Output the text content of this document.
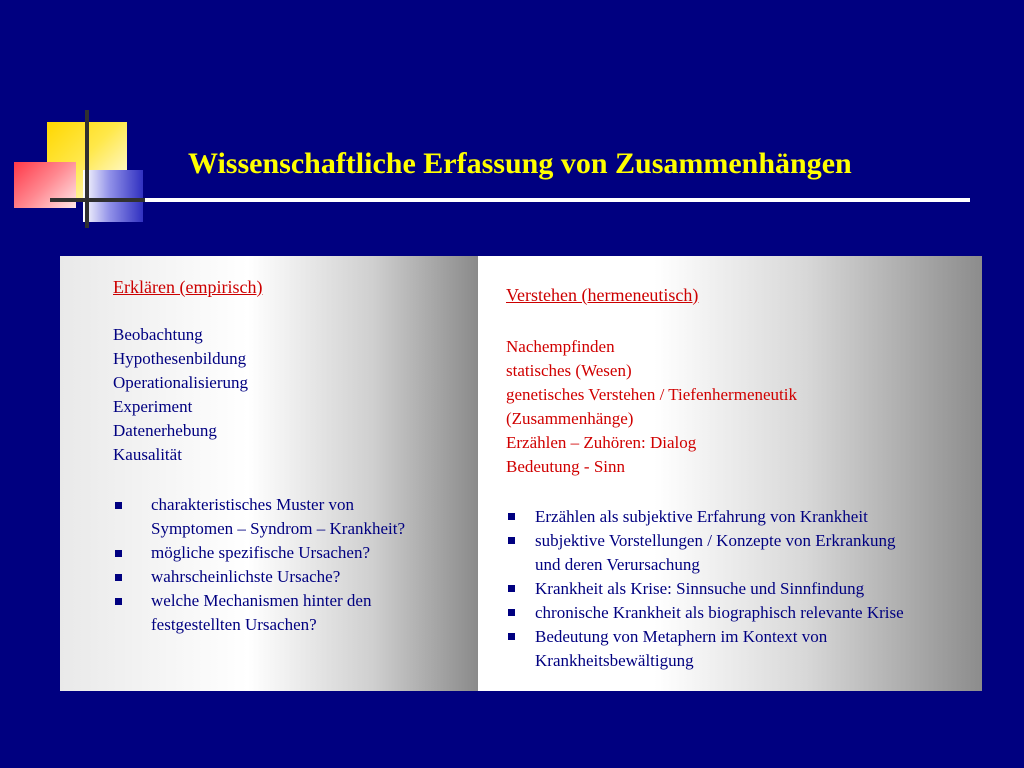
Wissenschaftliche Erfassung von Zusammenhängen
Erklären (empirisch)
Beobachtung
Hypothesenbildung
Operationalisierung
Experiment
Datenerhebung
Kausalität
charakteristisches Muster von
Symptomen – Syndrom – Krankheit?
mögliche spezifische Ursachen?
wahrscheinlichste Ursache?
welche Mechanismen hinter den
festgestellten Ursachen?
Verstehen (hermeneutisch)
Nachempfinden
statisches (Wesen)
genetisches Verstehen / Tiefenhermeneutik
(Zusammenhänge)
Erzählen – Zuhören: Dialog
Bedeutung - Sinn
Erzählen als subjektive Erfahrung von Krankheit
subjektive Vorstellungen / Konzepte von Erkrankung
und deren Verursachung
Krankheit als Krise: Sinnsuche und Sinnfindung
chronische Krankheit als biographisch relevante Krise
Bedeutung von Metaphern im Kontext von
Krankheitsbewältigung
